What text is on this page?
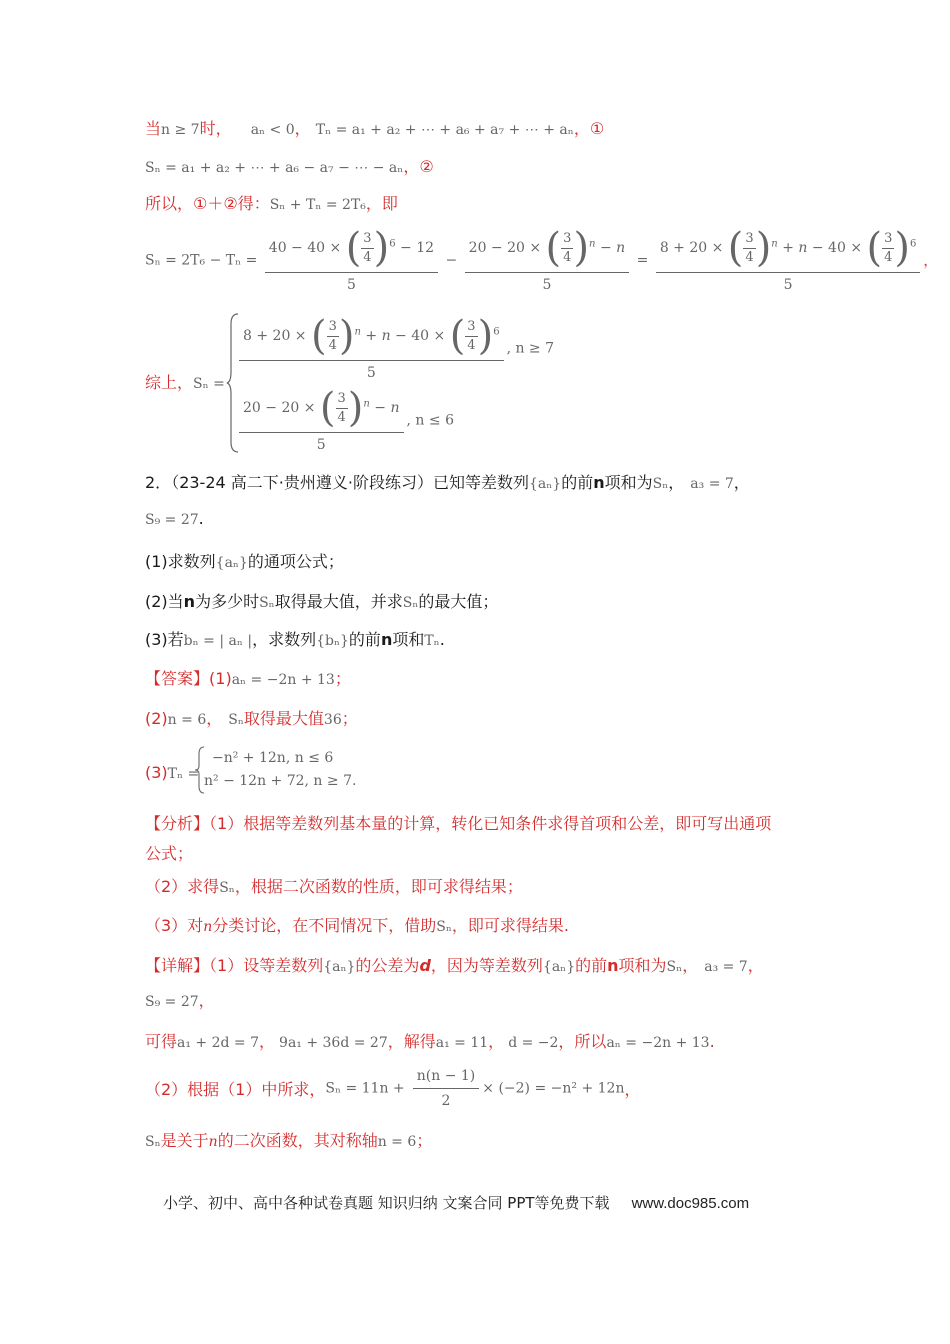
当n ≥ 7时， aₙ < 0， Tₙ = a₁ + a₂ + ⋯ + a₆ + a₇ + ⋯ + aₙ，①
Sₙ = a₁ + a₂ + ⋯ + a₆ − a₇ − ⋯ − aₙ，②
所以，①＋②得：Sₙ + Tₙ = 2T₆，即
$S_n = 2T_6 - T_n = \frac{40 - 40 \times ( \frac{3}{4} )^6 - 12}{5} - \frac{20 - 20 \times ( \frac{3}{4} )^n - n}{5} = \frac{8 + 20 \times ( \frac{3}{4} )^n + n - 40 \times ( \frac{3}{4} )^6}{5}$ ，
综上，Sₙ =
$\frac{8 + 20 \times ( \frac{3}{4} )^n + n - 40 \times ( \frac{3}{4} )^6}{5}$ , n ≥ 7
$\frac{20 - 20 \times ( \frac{3}{4} )^n - n}{5}$ , n ≤ 6
2．（23-24 高二下·贵州遵义·阶段练习）已知等差数列{aₙ}的前n项和为Sₙ， a₃ = 7，
S₉ = 27.
(1)求数列{aₙ}的通项公式；
(2)当n为多少时Sₙ取得最大值，并求Sₙ的最大值；
(3)若bₙ = | aₙ |，求数列{bₙ}的前n项和Tₙ.
【答案】(1)aₙ = −2n + 13；
(2)n = 6， Sₙ取得最大值36；
(3)Tₙ =
−n² + 12n, n ≤ 6
n² − 12n + 72, n ≥ 7.
【分析】（1）根据等差数列基本量的计算，转化已知条件求得首项和公差，即可写出通项
公式；
（2）求得Sₙ，根据二次函数的性质，即可求得结果；
（3）对n分类讨论，在不同情况下，借助Sₙ，即可求得结果.
【详解】（1）设等差数列{aₙ}的公差为d，因为等差数列{aₙ}的前n项和为Sₙ， a₃ = 7，
S₉ = 27，
可得a₁ + 2d = 7， 9a₁ + 36d = 27，解得a₁ = 11， d = −2，所以aₙ = −2n + 13.
（2）根据（1）中所求，$S_n = 11n + \frac{n(n - 1)}{2} \times (-2) = -n^2 + 12n$，
Sₙ是关于n的二次函数，其对称轴n = 6；
小学、初中、高中各种试卷真题 知识归纳 文案合同 PPT等免费下载 www.doc985.com
